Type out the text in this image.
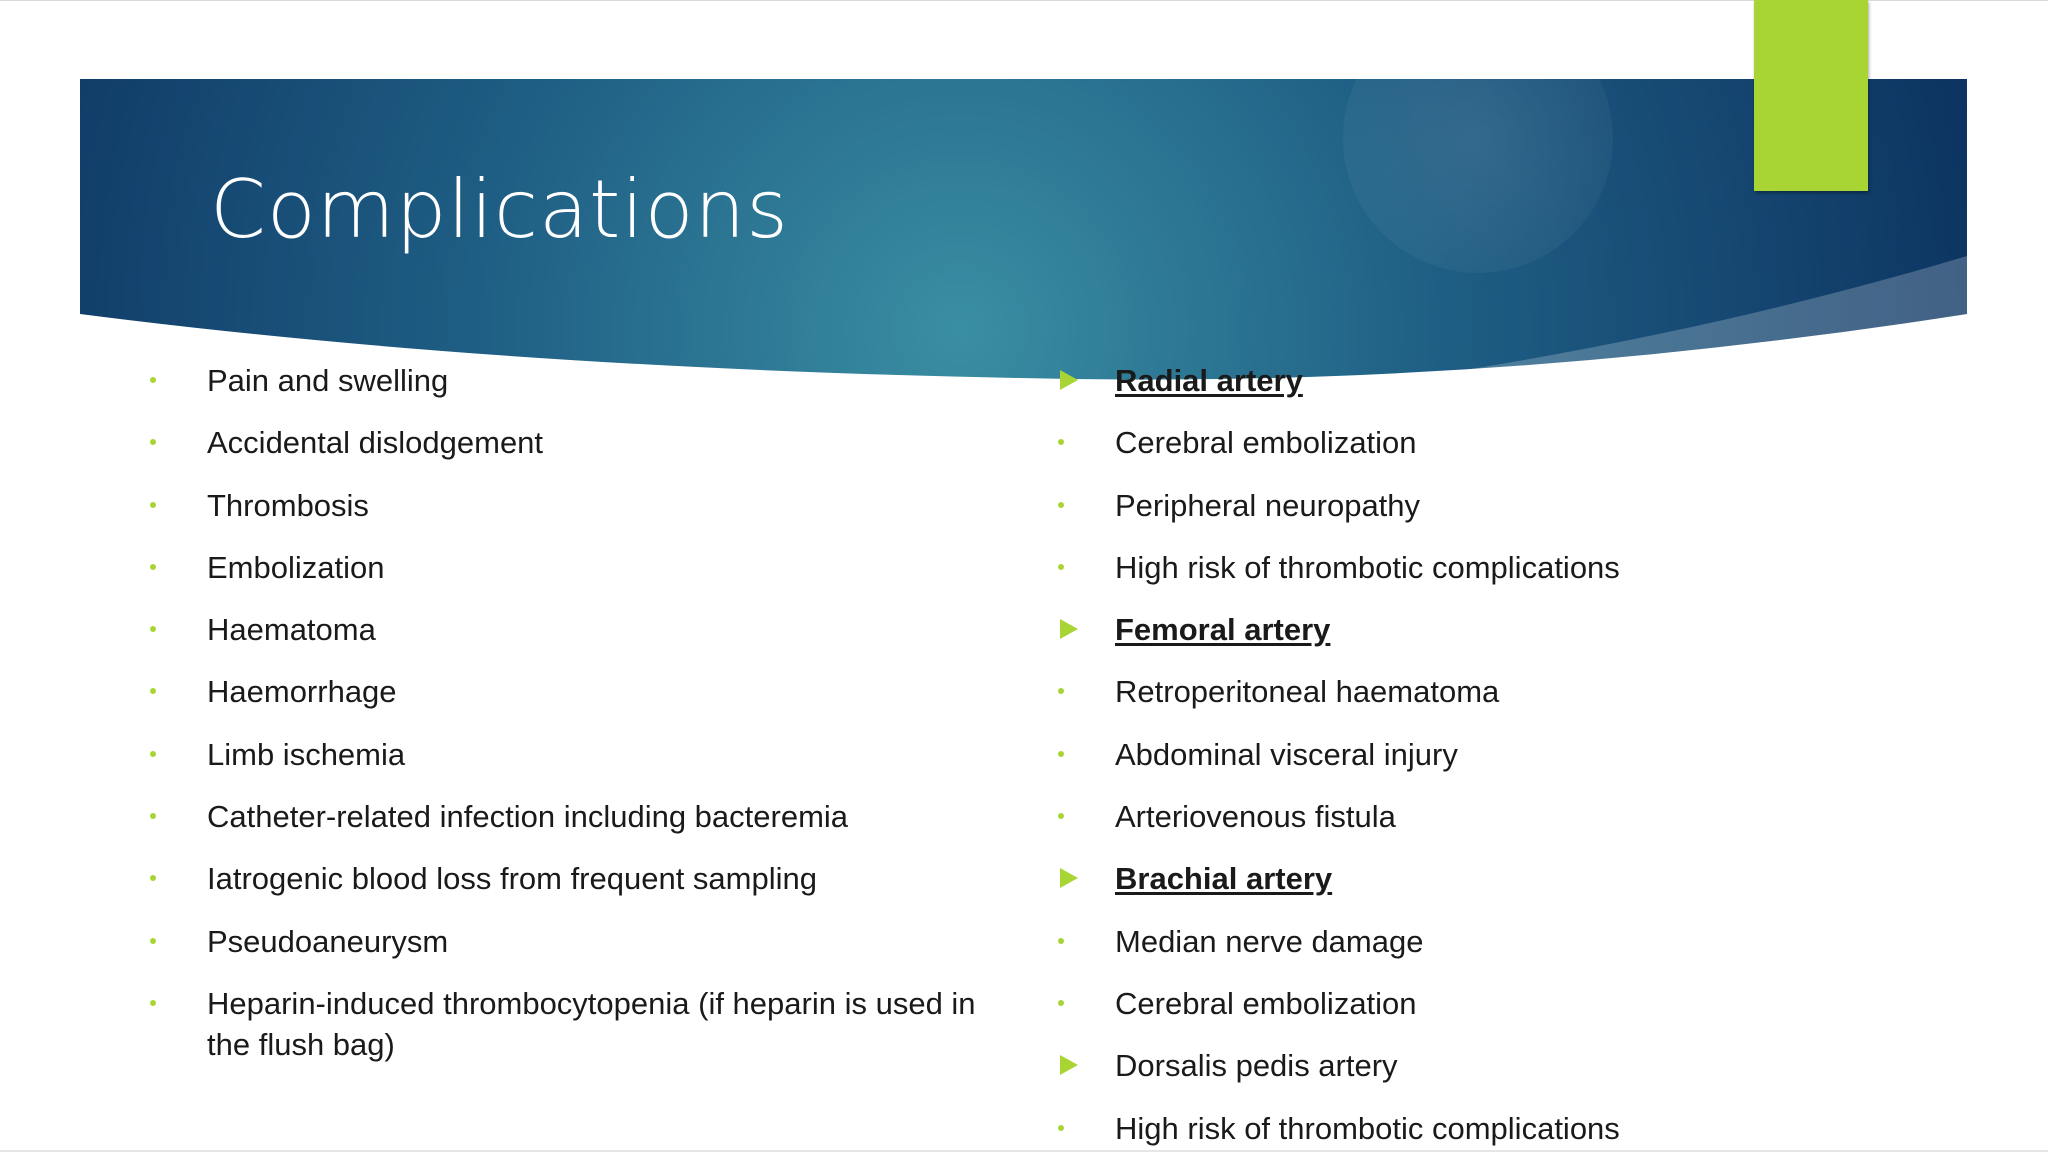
Complications
Pain and swelling
Accidental dislodgement
Thrombosis
Embolization
Haematoma
Haemorrhage
Limb ischemia
Catheter-related infection including bacteremia
Iatrogenic blood loss from frequent sampling
Pseudoaneurysm
Heparin-induced thrombocytopenia (if heparin is used in the flush bag)
Radial artery
Cerebral embolization
Peripheral neuropathy
High risk of thrombotic complications
Femoral artery
Retroperitoneal haematoma
Abdominal visceral injury
Arteriovenous fistula
Brachial artery
Median nerve damage
Cerebral embolization
Dorsalis pedis artery
High risk of thrombotic complications
